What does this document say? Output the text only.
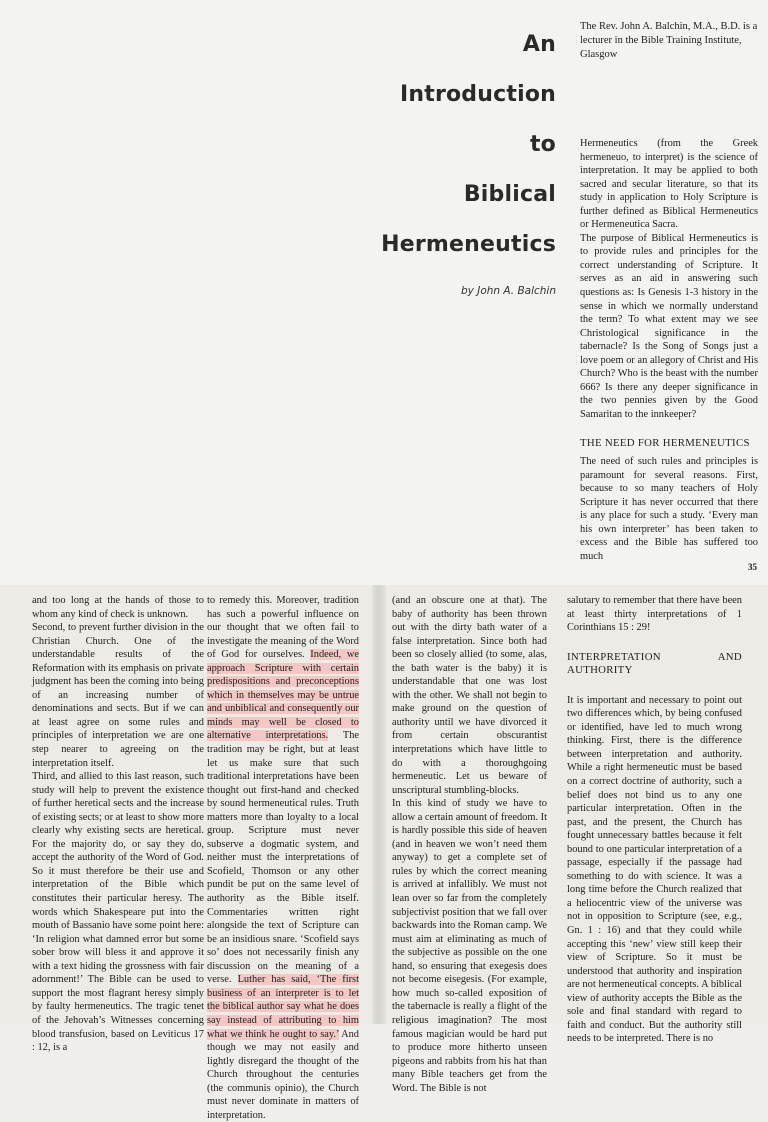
An
Introduction
to
Biblical
Hermeneutics
by John A. Balchin
The Rev. John A. Balchin, M.A., B.D. is a lecturer in the Bible Training Institute, Glasgow

Hermeneutics (from the Greek hermeneuo, to interpret) is the science of interpretation. It may be applied to both sacred and secular literature, so that its study in application to Holy Scripture is further defined as Biblical Hermeneutics or Hermeneutica Sacra.

The purpose of Biblical Hermeneutics is to provide rules and principles for the correct understanding of Scripture. It serves as an aid in answering such questions as: Is Genesis 1-3 history in the sense in which we normally understand the term? To what extent may we see Christological significance in the tabernacle? Is the Song of Songs just a love poem or an allegory of Christ and His Church? Who is the beast with the number 666? Is there any deeper significance in the two pennies given by the Good Samaritan to the innkeeper?

THE NEED FOR HERMENEUTICS

The need of such rules and principles is paramount for several reasons. First, because to so many teachers of Holy Scripture it has never occurred that there is any place for such a study. ‘Every man his own interpreter’ has been taken to excess and the Bible has suffered too much

35

and too long at the hands of those to whom any kind of check is unknown.

Second, to prevent further division in the Christian Church. One of the understandable results of the Reformation with its emphasis on private judgment has been the coming into being of an increasing number of denominations and sects. But if we can at least agree on some rules and principles of interpretation we are one step nearer to agreeing on the interpretation itself.

Third, and allied to this last reason, such study will help to prevent the existence of further heretical sects and the increase of existing sects; or at least to show more clearly why existing sects are heretical. For the majority do, or say they do, accept the authority of the Word of God. So it must therefore be their use and interpretation of the Bible which constitutes their particular heresy. The words which Shakespeare put into the mouth of Bassanio have some point here: ‘In religion what damned error but some sober brow will bless it and approve it with a text hiding the grossness with fair adornment!’ The Bible can be used to support the most flagrant heresy simply by faulty hermeneutics. The tragic tenet of the Jehovah’s Witnesses concerning blood transfusion, based on Leviticus 17 : 12, is a

to remedy this. Moreover, tradition has such a powerful influence on our thought that we often fail to investigate the meaning of the Word of God for ourselves. Indeed, we approach Scripture with certain predispositions and preconceptions which in themselves may be untrue and unbiblical and consequently our minds may well be closed to alternative interpretations. The tradition may be right, but at least let us make sure that such traditional interpretations have been thought out first-hand and checked by sound hermeneutical rules. Truth matters more than loyalty to a local group. Scripture must never subserve a dogmatic system, and neither must the interpretations of Scofield, Thomson or any other pundit be put on the same level of authority as the Bible itself. Commentaries written right alongside the text of Scripture can be an insidious snare. ‘Scofield says so’ does not necessarily finish any discussion on the meaning of a verse. Luther has said, ‘The first business of an interpreter is to let the biblical author say what he does say instead of attributing to him what we think he ought to say.’ And though we may not easily and lightly disregard the thought of the Church throughout the centuries (the communis opinio), the Church must never dominate in matters of interpretation.

(and an obscure one at that). The baby of authority has been thrown out with the dirty bath water of a false interpretation. Since both had been so closely allied (to some, alas, the bath water is the baby) it is understandable that one was lost with the other. We shall not begin to make ground on the question of authority until we have divorced it from certain obscurantist interpretations which have little to do with a thoroughgoing hermeneutic. Let us beware of unscriptural stumbling-blocks.

In this kind of study we have to allow a certain amount of freedom. It is hardly possible this side of heaven (and in heaven we won’t need them anyway) to get a complete set of rules by which the correct meaning is arrived at infallibly. We must not lean over so far from the completely subjectivist position that we fall over backwards into the Roman camp. We must aim at eliminating as much of the subjective as possible on the one hand, so ensuring that exegesis does not become eisegesis. (For example, how much so-called exposition of the tabernacle is really a flight of the religious imagination? The most famous magician would be hard put to produce more hitherto unseen pigeons and rabbits from his hat than many Bible teachers get from the Word. The Bible is not

salutary to remember that there have been at least thirty interpretations of 1 Corinthians 15 : 29!

INTERPRETATION AND AUTHORITY

It is important and necessary to point out two differences which, by being confused or identified, have led to much wrong thinking. First, there is the difference between interpretation and authority. While a right hermeneutic must be based on a correct doctrine of authority, such a belief does not bind us to any one particular interpretation. Often in the past, and the present, the Church has fought unnecessary battles because it felt bound to one particular interpretation of a passage, especially if the passage had something to do with science. It was a long time before the Church realized that a heliocentric view of the universe was not in opposition to Scripture (see, e.g., Gn. 1 : 16) and that they could while accepting this ‘new’ view still keep their view of Scripture. So it must be understood that authority and inspiration are not hermeneutical concepts. A biblical view of authority accepts the Bible as the sole and final standard with regard to faith and conduct. But the authority still needs to be interpreted. There is no
